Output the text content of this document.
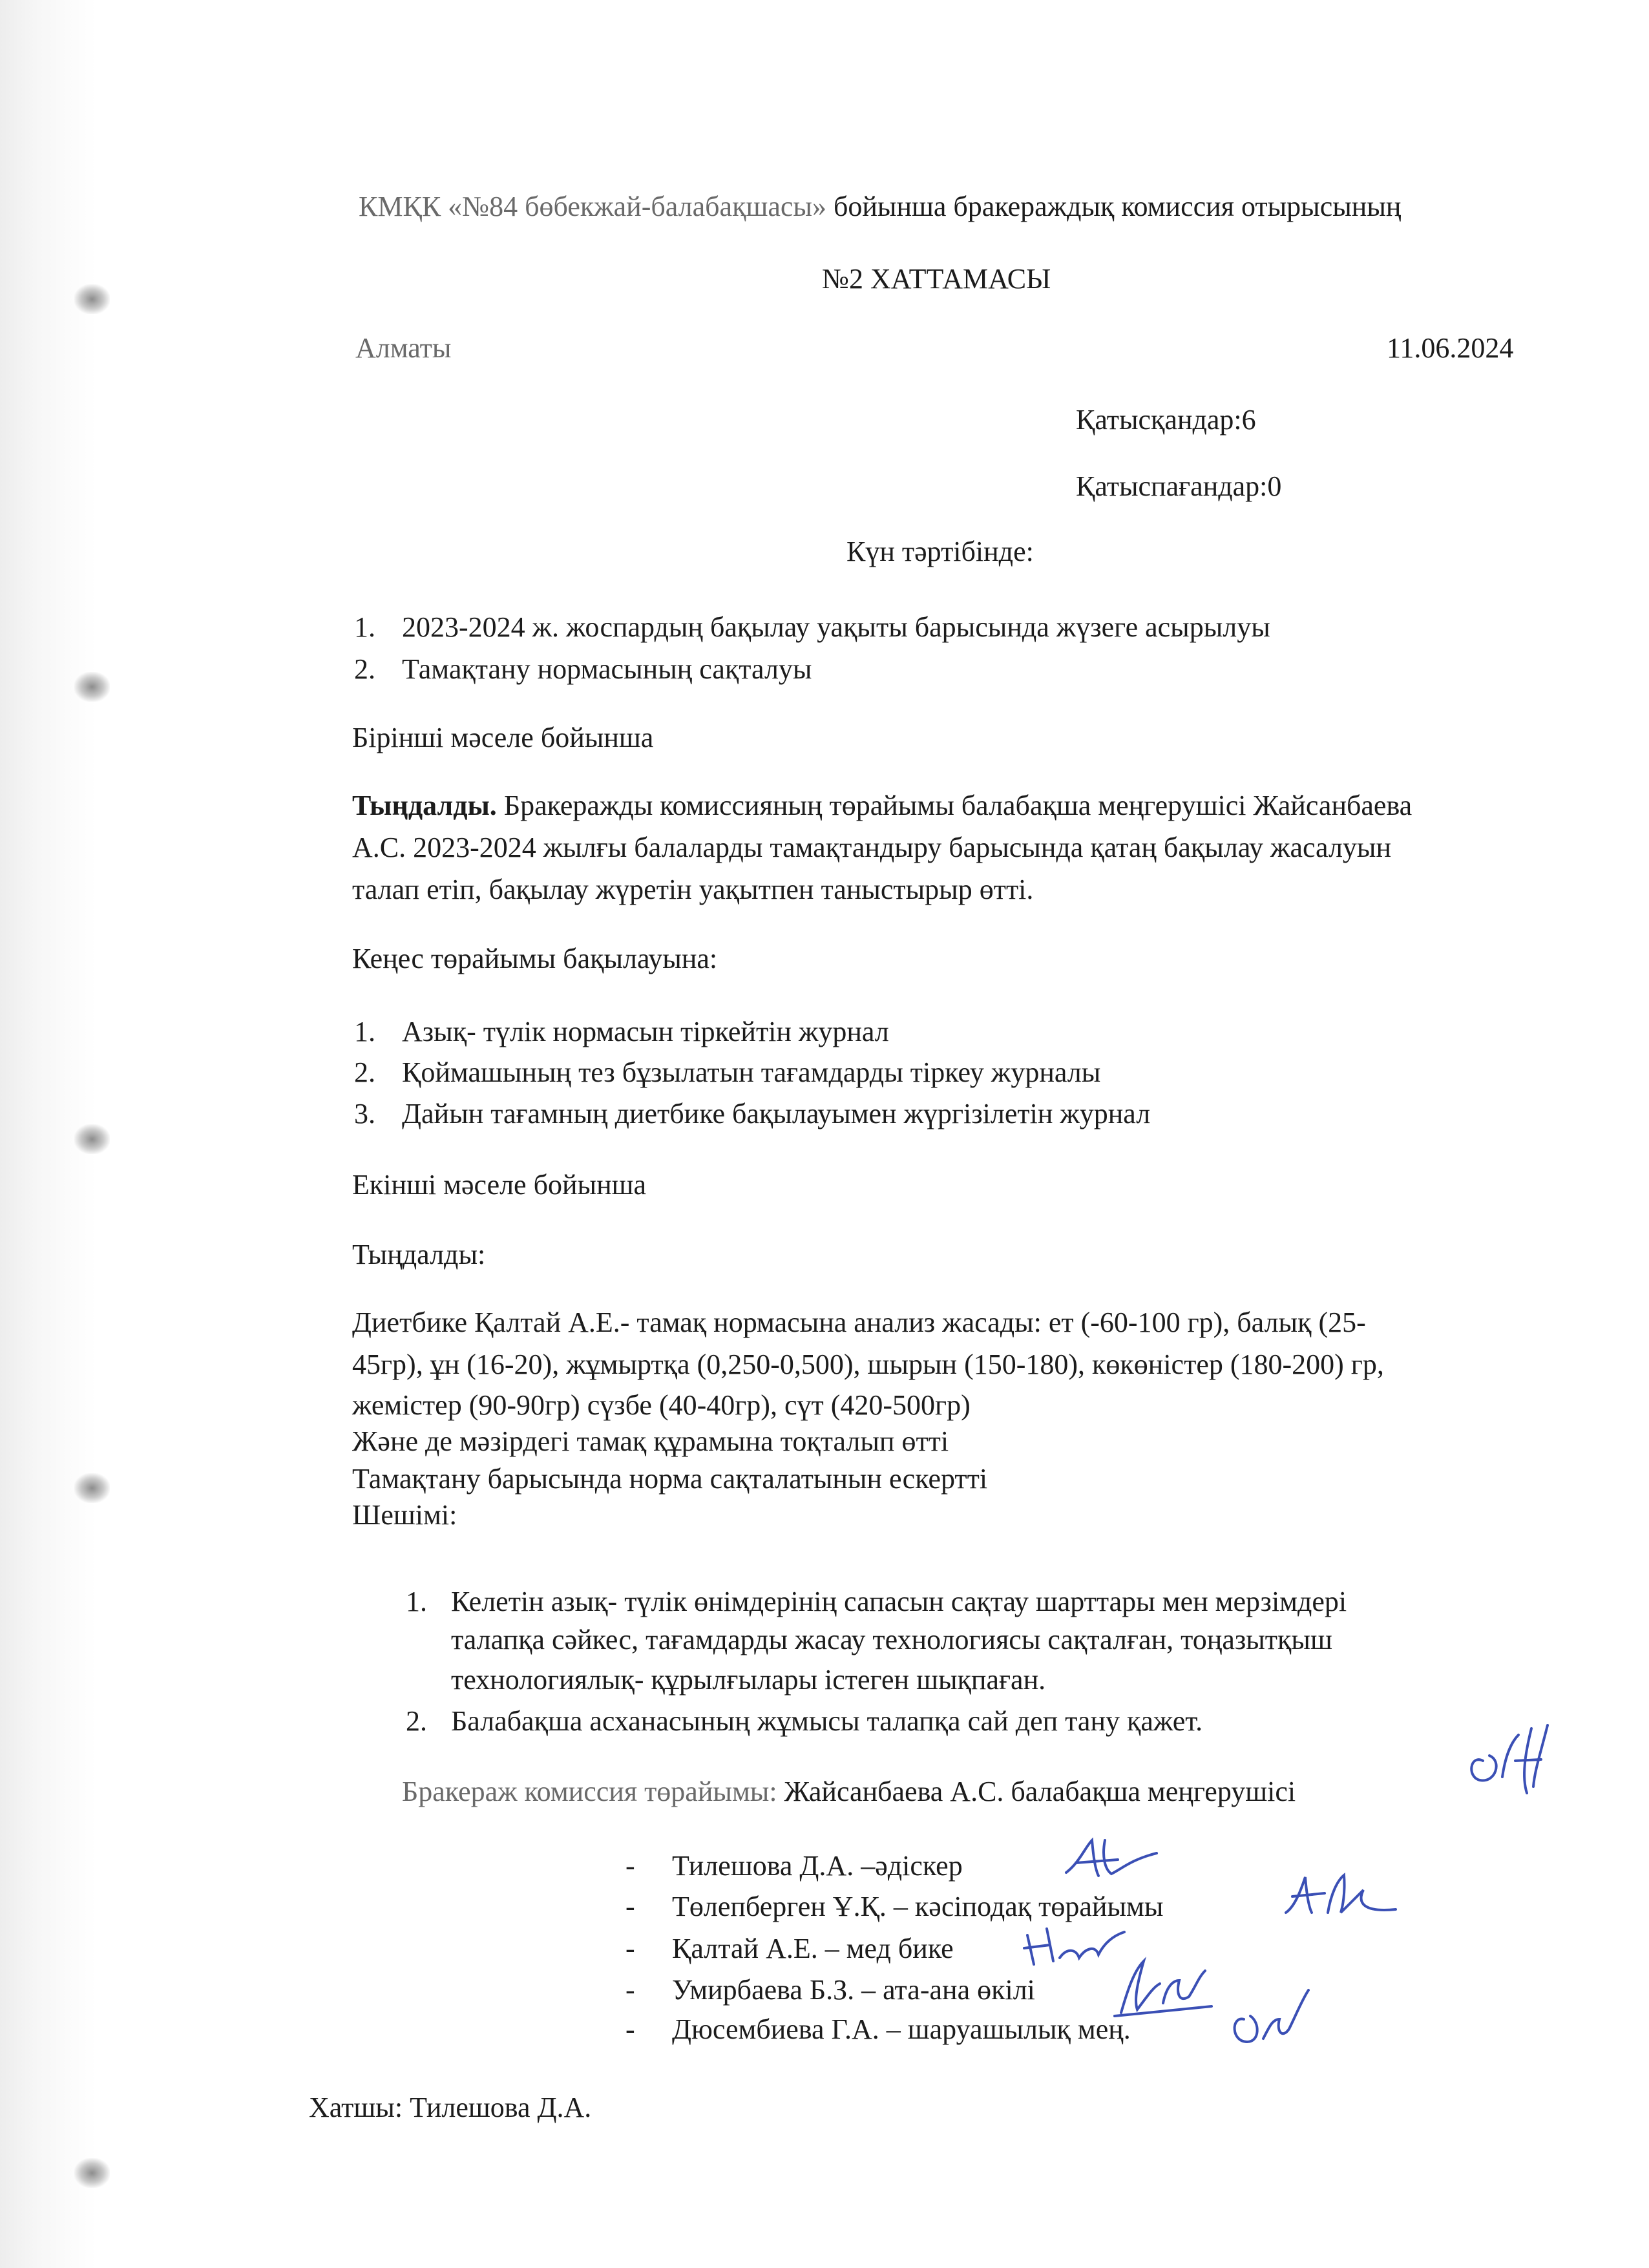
КМҚК «№84 бөбекжай-балабақшасы» бойынша бракераждық комиссия отырысының
№2 ХАТТАМАСЫ
Алматы	11.06.2024
Қатысқандар:6
Қатыспағандар:0
Күн тәртібінде:
1. 2023-2024 ж. жоспардың бақылау уақыты барысында жүзеге асырылуы
2. Тамақтану нормасының сақталуы
Бірінші мәселе бойынша
Тыңдалды. Бракеражды комиссияның төрайымы балабақша меңгерушісі Жайсанбаева
А.С. 2023-2024 жылғы балаларды тамақтандыру барысында қатаң бақылау жасалуын
талап етіп, бақылау жүретін уақытпен таныстырыр өтті.
Кеңес төрайымы бақылауына:
1. Азық- түлік нормасын тіркейтін журнал
2. Қоймашының тез бұзылатын тағамдарды тіркеу журналы
3. Дайын тағамның диетбике бақылауымен жүргізілетін журнал
Екінші мәселе бойынша
Тыңдалды:
Диетбике Қалтай А.Е.- тамақ нормасына анализ жасады: ет (-60-100 гр), балық (25-
45гр), ұн (16-20), жұмыртқа (0,250-0,500), шырын (150-180), көкөністер (180-200) гр,
жемістер (90-90гр) сүзбе (40-40гр), сүт (420-500гр)
Және де мәзірдегі тамақ құрамына тоқталып өтті
Тамақтану барысында норма сақталатынын ескертті
Шешімі:
1. Келетін азық- түлік өнімдерінің сапасын сақтау шарттары мен мерзімдері
талапқа сәйкес, тағамдарды жасау технологиясы сақталған, тоңазытқыш
технологиялық- құрылғылары істеген шықпаған.
2. Балабақша асханасының жұмысы талапқа сай деп тану қажет.
Бракераж комиссия төрайымы: Жайсанбаева А.С. балабақша меңгерушісі
- Тилешова Д.А. –әдіскер
- Төлепберген Ұ.Қ. – кәсіподақ төрайымы
- Қалтай А.Е. – мед бике
- Умирбаева Б.З. – ата-ана өкілі
- Дюсембиева Г.А. – шаруашылық мең.
Хатшы: Тилешова Д.А.
